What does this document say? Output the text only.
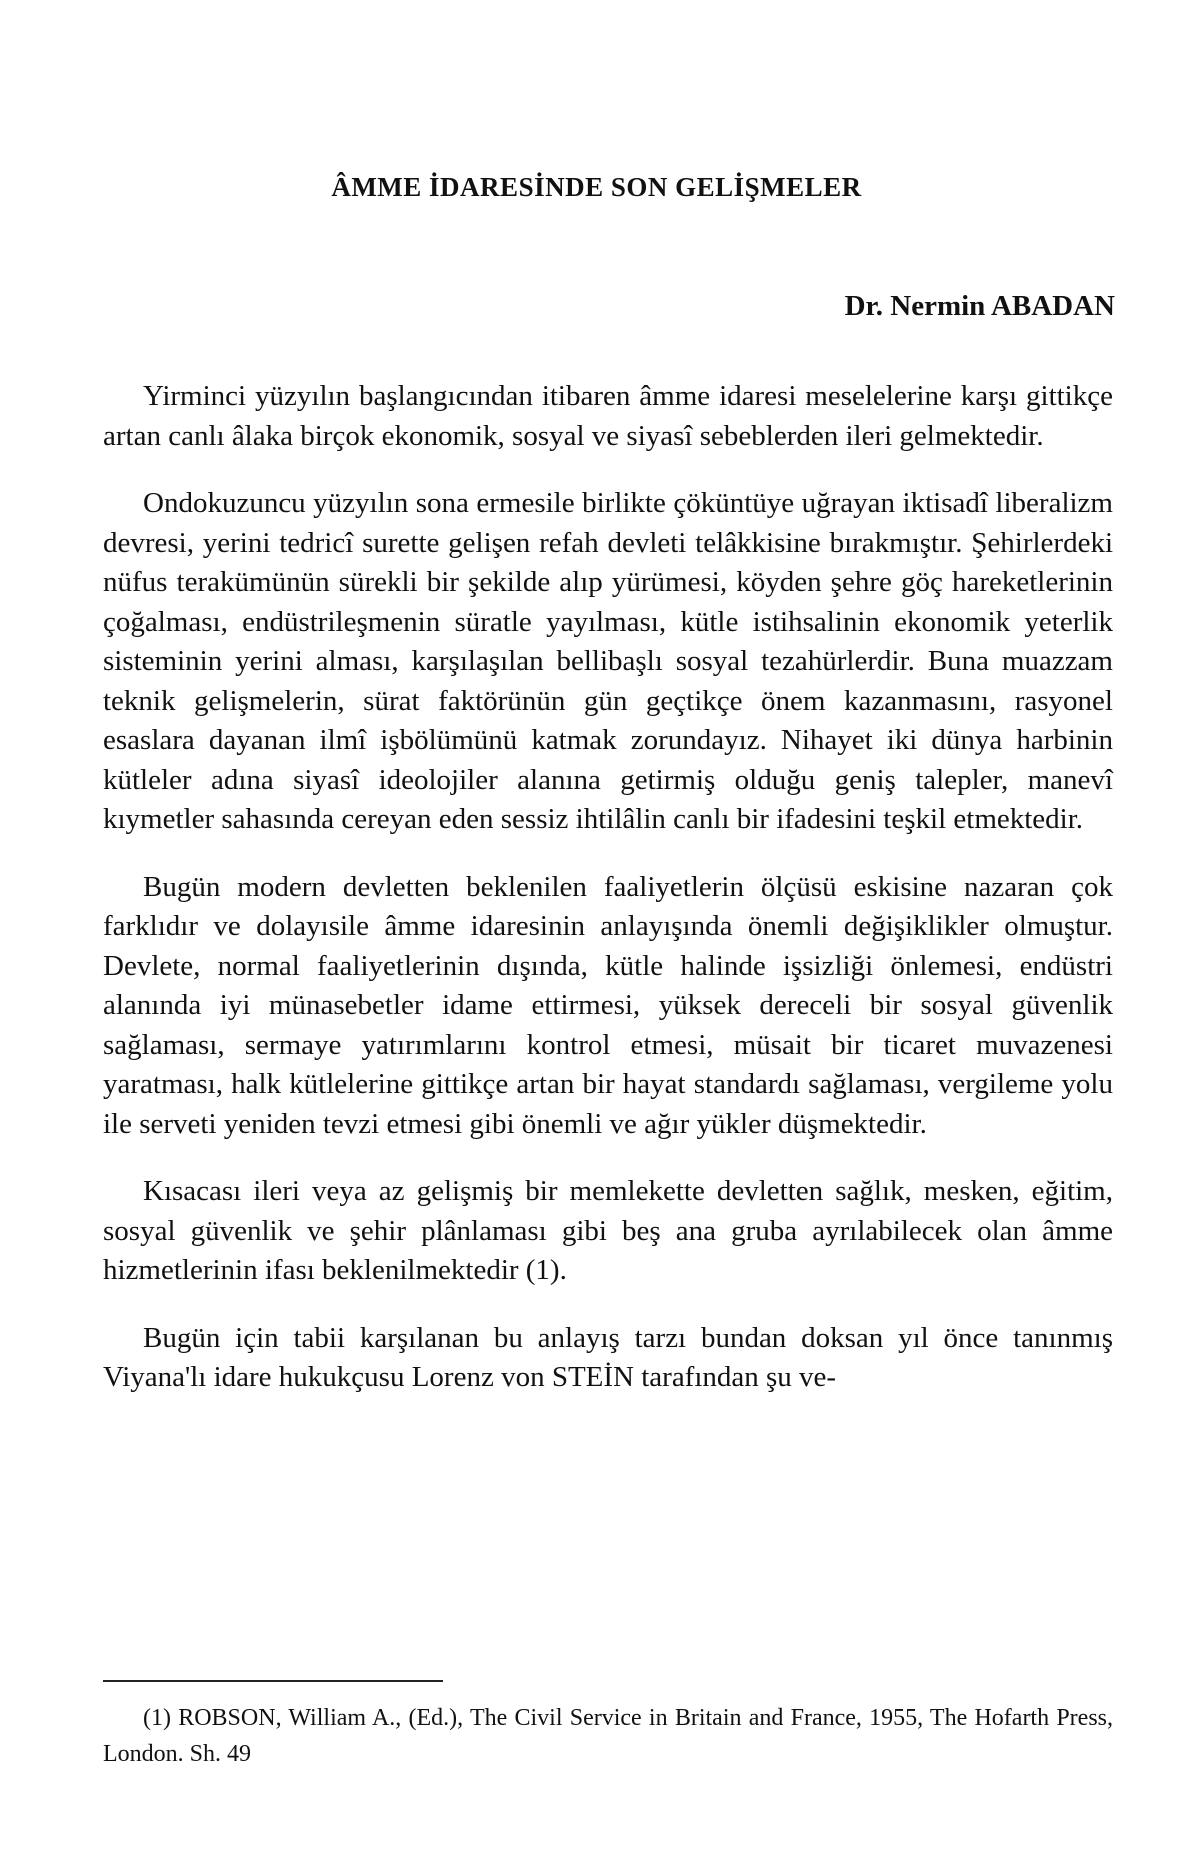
ÂMME İDARESİNDE SON GELİŞMELER

Dr. Nermin ABADAN

Yirminci yüzyılın başlangıcından itibaren âmme idaresi meselelerine karşı gittikçe artan canlı âlaka birçok ekonomik, sosyal ve siyasî sebeblerden ileri gelmektedir.

Ondokuzuncu yüzyılın sona ermesile birlikte çöküntüye uğrayan iktisadî liberalizm devresi, yerini tedricî surette gelişen refah devleti telâkkisine bırakmıştır. Şehirlerdeki nüfus terakümünün sürekli bir şekilde alıp yürümesi, köyden şehre göç hareketlerinin çoğalması, endüstrileşmenin süratle yayılması, kütle istihsalinin ekonomik yeterlik sisteminin yerini alması, karşılaşılan bellibaşlı sosyal tezahürlerdir. Buna muazzam teknik gelişmelerin, sürat faktörünün gün geçtikçe önem kazanmasını, rasyonel esaslara dayanan ilmî işbölümünü katmak zorundayız. Nihayet iki dünya harbinin kütleler adına siyasî ideolojiler alanına getirmiş olduğu geniş talepler, manevî kıymetler sahasında cereyan eden sessiz ihtilâlin canlı bir ifadesini teşkil etmektedir.

Bugün modern devletten beklenilen faaliyetlerin ölçüsü eskisine nazaran çok farklıdır ve dolayısile âmme idaresinin anlayışında önemli değişiklikler olmuştur. Devlete, normal faaliyetlerinin dışında, kütle halinde işsizliği önlemesi, endüstri alanında iyi münasebetler idame ettirmesi, yüksek dereceli bir sosyal güvenlik sağlaması, sermaye yatırımlarını kontrol etmesi, müsait bir ticaret muvazenesi yaratması, halk kütlelerine gittikçe artan bir hayat standardı sağlaması, vergileme yolu ile serveti yeniden tevzi etmesi gibi önemli ve ağır yükler düşmektedir.

Kısacası ileri veya az gelişmiş bir memlekette devletten sağlık, mesken, eğitim, sosyal güvenlik ve şehir plânlaması gibi beş ana gruba ayrılabilecek olan âmme hizmetlerinin ifası beklenilmektedir (1).

Bugün için tabii karşılanan bu anlayış tarzı bundan doksan yıl önce tanınmış Viyana'lı idare hukukçusu Lorenz von STEİN tarafından şu ve-

(1) ROBSON, William A., (Ed.), The Civil Service in Britain and France, 1955, The Hofarth Press, London. Sh. 49
